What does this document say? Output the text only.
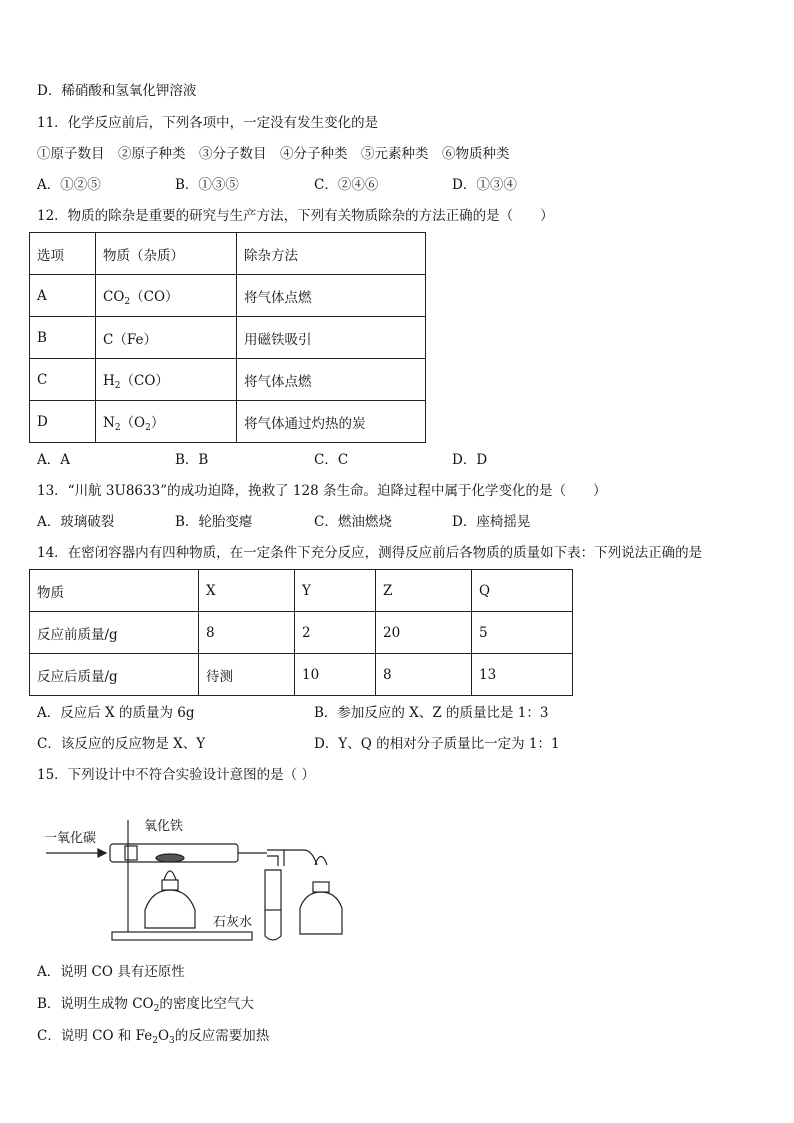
D．稀硝酸和氢氧化钾溶液
11．化学反应前后，下列各项中，一定没有发生变化的是
①原子数目　②原子种类　③分子数目　④分子种类　⑤元素种类　⑥物质种类
A．①②⑤	B．①③⑤	C．②④⑥	D．①③④
12．物质的除杂是重要的研究与生产方法，下列有关物质除杂的方法正确的是（　　）
选项	物质（杂质）	除杂方法
A	$CO_2(CO)$	将气体点燃
B	C（Fe）	用磁铁吸引
C	$H_2(CO)$	将气体点燃
D	$N_2(O_2)$	将气体通过灼热的炭
A．A	B．B	C．C	D．D
13．“川航 3U8633”的成功迫降，挽救了 128 条生命。迫降过程中属于化学变化的是（　　）
A．玻璃破裂	B．轮胎变瘪	C．燃油燃烧	D．座椅摇晃
14．在密闭容器内有四种物质，在一定条件下充分反应，测得反应前后各物质的质量如下表：下列说法正确的是
物质	X	Y	Z	Q
反应前质量/g	8	2	20	5
反应后质量/g	待测	10	8	13
A．反应后 X 的质量为 6g	B．参加反应的 X、Z 的质量比是 1：3
C．该反应的反应物是 X、Y	D．Y、Q 的相对分子质量比一定为 1：1
15．下列设计中不符合实验设计意图的是（ ）
一氧化碳
氧化铁
石灰水
A．说明 CO 具有还原性
B．说明生成物 $CO_2$的密度比空气大
C．说明 CO 和 $Fe_2O_3$的反应需要加热
